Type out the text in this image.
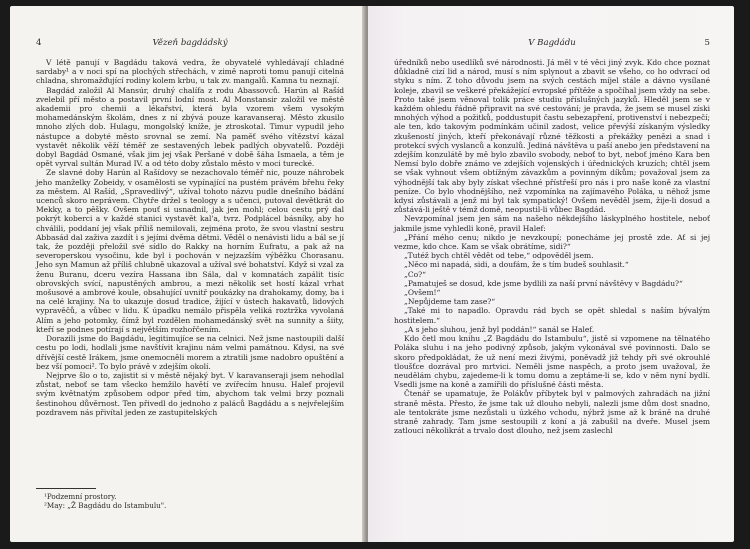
4	Vězeň bagdádský

V létě panují v Bagdádu taková vedra, že obyvatelé vyhledávají chladné sardaby¹ a v noci spí na plochých střechách, v zimě naproti tomu panují citelná chladna, shromažďující rodiny kolem krbu, u tak zv. mangalů. Kamna tu neznají.

Bagdád založil Al Mansúr, druhý chalífa z rodu Abassovců. Harún al Rašíd zvelebil pří město a postavil první lodní most. Al Monstansir založil ve městě akademii pro chemii a lékařství, která byla vzorem všem vysokým mohamedánským školám, dnes z ní zbývá pouze karavanseraj. Město zkusilo mnoho zlých dob. Hulagu, mongolský kníže, je ztroskotal. Timur vypudil jeho nástupce a dobyté město srovnal se zemí. Na paměť svého vítězství kázal vystavět několik věží téměř ze sestavených lebek padlých obyvatelů. Později dobyl Bagdád Osmané, však jim jej však Peršané v době šáha Ismaela, a těm je opět vyrval sultán Murad IV. a od této doby zůstalo město v moci turecké.

Ze slavné doby Harún al Rašídovy se nezachovalo téměř nic, pouze náhrobek jeho manželky Zobeidy, v osamělosti se vypínající na pustém právém břehu řeky za městem. Al Rašíd, „Spravedlivý“, užíval tohoto názvu pudle dnešního bádání ucenců skoro neprávem. Chytře držel s teology a s učenci, putoval devětkrát do Mekky, a to pěšky. Ovšem pouť si usnadnil, jak jen mohl; celou cestu prý dal pokrýt koberci a v každé stanici vystavět kal'a, tvrz. Podplácel básníky, aby ho chválili, poddaní jej však příliš nemilovali, zejména proto, že svou vlastní sestru Abbasád dal zaživa zazdít i s jejími dvěma dětmi. Věděl o nenávisti lidu a bál se jí tak, že později přeložil své sídlo do Rakky na horním Eufratu, a pak až na severoperskou vysočinu, kde byl i pochován v nejzazším výběžku Chorasanu. Jeho syn Mamun až příliš chlubně ukazoval a užíval své bohatství. Když si vzal za ženu Buranu, dceru vezíra Hassana ibn Sála, dal v komnatách zapálit tisíc obrovských svící, napustěných ambrou, a mezi několik set hostí kázal vrhat mošusové a ambrové koule, obsahující uvnitř poukázky na drahokamy, domy, ba i na celé krajiny. Na to ukazuje dosud tradice, žijící v ústech hakavatů, lidových vypravěčů, a vůbec v lidu. K úpadku nemálo přispěla veliká roztržka vyvolaná Alím a jeho potomky, čímž byl rozdělen mohamedánský svět na sunnity a šiity, kteří se podnes potírají s největším rozhořčením.

Dorazili jsme do Bagdádu, legitimujíce se na celnici. Než jsme nastoupili další cestu po lodi, hodlali jsme navštívit krajinu nám velmi památnou. Kdysi, na své dřívější cestě Irákem, jsme onemocněli morem a ztratili jsme nadobro opuštění a bez vší pomoci². To bylo právě v zdejším okolí.

Nejprve šlo o to, zajistit si v městě nějaký byt. V karavanseraji jsem nehodlal zůstat, neboť se tam všecko hemžilo havětí ve zvířecím hnusu. Halef projevil svým květnatým způsobem odpor před tím, abychom tak velmi brzy poznali šestinohou důvěrnost. Ten přivedl do jednoho z paláců Bagdádu a s nejvřelejším pozdravem nás přivítal jeden ze zastupitelských

¹Podzemní prostory.
²May: „Ž Bagdádu do Istambulu".
V Bagdádu	5

úředníků nebo usedlíků své národnosti. Já měl v té věci jiný zvyk. Kdo chce poznat důkladně cizí lid a národ, musí s ním splynout a zbavit se všeho, co ho odvrací od styku s ním. Z toho důvodu jsem na svých cestách míjel stále a dávno vysílané koleje, zbavil se veškeré překážející evropské přítěže a spočíhal jsem vždy na sebe. Proto také jsem věnoval tolik práce studiu příslušných jazyků. Hleděl jsem se v každém ohledu řádně připravit na své cestování; je pravda, že jsem se musel získi mnohých výhod a požitků, poddustupit častu sebezapření, protivenství i nebezpečí; ale ten, kdo takovým podmínkám učinil zadost, velice převýší získaným výsledky zkušeností jiných, kteří překonávají různé těžkosti a překážky penězi a snad i protekcí svých vyslanců a konzulů. Jediná návštěva u paší anebo jen představení na zdejším konzulátě by mě bylo zbavilo svobody, neboť to byt, neboť jméno Kara ben Nemsí bylo dobře známo ve zdejších vojenských i úřednických kruzích; chtěl jsem se však vyhnout všem obtížným závazkům a povinným díkům; považoval jsem za výhodnější tak aby byly získat všechné přístřeší pro nás i pro naše koně za vlastní peníze. Co bylo vhodnějšího, než vzpomínka na zajímavého Poláka, u něhož jsme kdysi zůstávali a jenž mi byl tak sympatický! Ovšem nevěděl jsem, žije-li dosud a zůstává-li ještě v témž domě, neopustil-li vůbec Bagdád.

Nevzpomínal jsem jen sám na našeho někdejšího láskyplného hostitele, neboť jakmile jsme vyhledli koně, pravil Halef:

„Přání mého cenu; nikdo je nevzkoupí; ponecháme jej prostě zde. Ať si jej vezme, kdo chce. Kam se však obrátíme, sidi?“

„Tutéž bych chtěl vědět od tebe,“ odpověděl jsem.

„Něco mi napadá, sidi, a doufám, že s tím budeš souhlasit.“

„Co?“

„Pamatuješ se dosud, kde jsme bydlili za naší první návštěvy v Bagdádu?“

„Ovšem!“

„Nepůjdeme tam zase?“

„Také mi to napadlo. Opravdu rád bych se opět shledal s naším bývalým hostitelem.“

„A s jeho sluhou, jenž byl poddán!“ sanál se Halef.

Kdo četl mou knihu „Z Bagdádu do Istambulu“, jistě si vzpomene na tělnatého Poláka sluhu i na jeho podivný způsob, jakým vykonával své povinnosti. Dalo se skoro předpokládat, že už není mezi živými, poněvadž již tehdy při své okrouhlé tloušťce dozrával pro mrtvici. Neměli jsme naspěch, a proto jsem uvažoval, že neudělám chybu, zajedeme-li k tomu domu a zeptáme-li se, kdo v něm nyní bydlí. Vsedli jsme na koně a zamířili do příslušné části města.

Čtenář se upamatuje, že Polákův příbytek byl v palmových zahradách na jižní straně města. Přesto, že jsme tak už dlouho nebyli, nalezli jsme dům dost snadno, ale tentokráte jsme nezůstali u úzkého vchodu, nýbrž jsme až k bráně na druhé straně zahrady. Tam jsme sestoupili z koní a já zabušil na dveře. Musel jsem zatlouci několikrát a trvalo dost dlouho, než jsem zaslechl
